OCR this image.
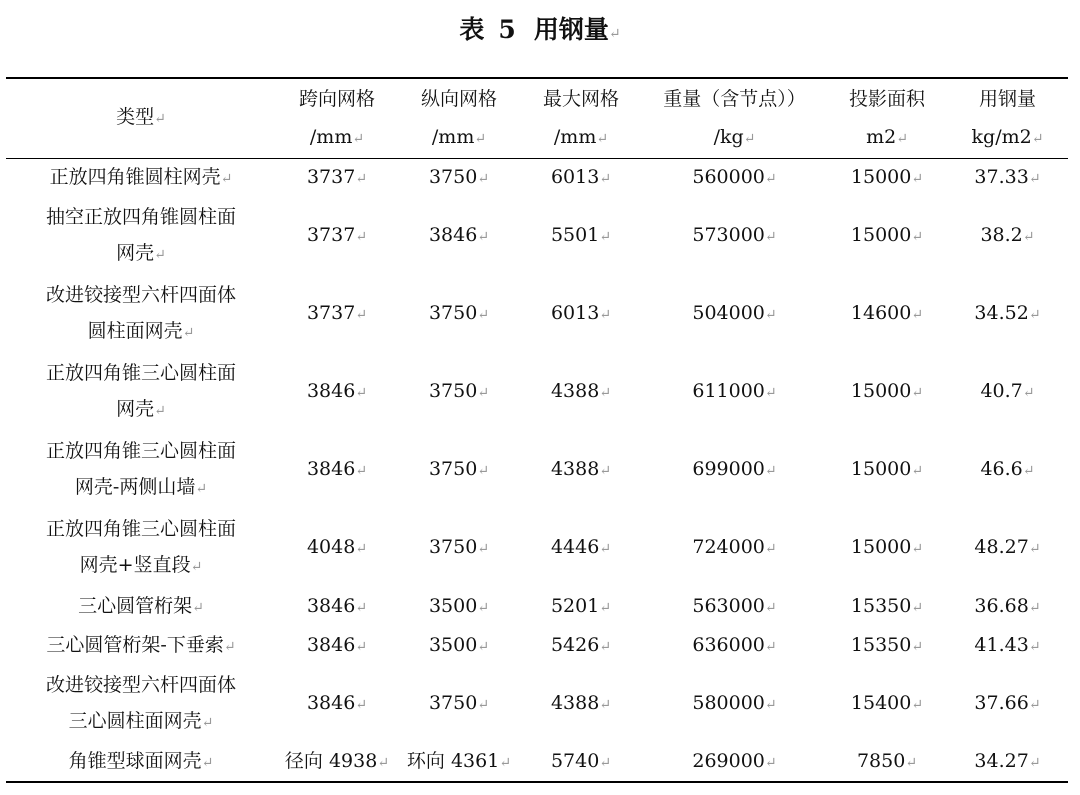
表 5 用钢量↵
类型↵	跨向网格	纵向网格	最大网格	重量（含节点））	投影面积	用钢量
	/mm↵	/mm↵	/mm↵	/kg↵	m2↵	kg/m2↵

正放四角锥圆柱网壳↵	3737↵	3750↵	6013↵	560000↵	15000↵	37.33↵

抽空正放四角锥圆柱面
网壳↵	3737↵	3846↵	5501↵	573000↵	15000↵	38.2↵

改进铰接型六杆四面体
圆柱面网壳↵	3737↵	3750↵	6013↵	504000↵	14600↵	34.52↵

正放四角锥三心圆柱面
网壳↵	3846↵	3750↵	4388↵	611000↵	15000↵	40.7↵

正放四角锥三心圆柱面
网壳-两侧山墙↵	3846↵	3750↵	4388↵	699000↵	15000↵	46.6↵

正放四角锥三心圆柱面
网壳+竖直段↵	4048↵	3750↵	4446↵	724000↵	15000↵	48.27↵

三心圆管桁架↵	3846↵	3500↵	5201↵	563000↵	15350↵	36.68↵

三心圆管桁架-下垂索↵	3846↵	3500↵	5426↵	636000↵	15350↵	41.43↵

改进铰接型六杆四面体
三心圆柱面网壳↵	3846↵	3750↵	4388↵	580000↵	15400↵	37.66↵

角锥型球面网壳↵	径向 4938↵	环向 4361↵	5740↵	269000↵	7850↵	34.27↵
